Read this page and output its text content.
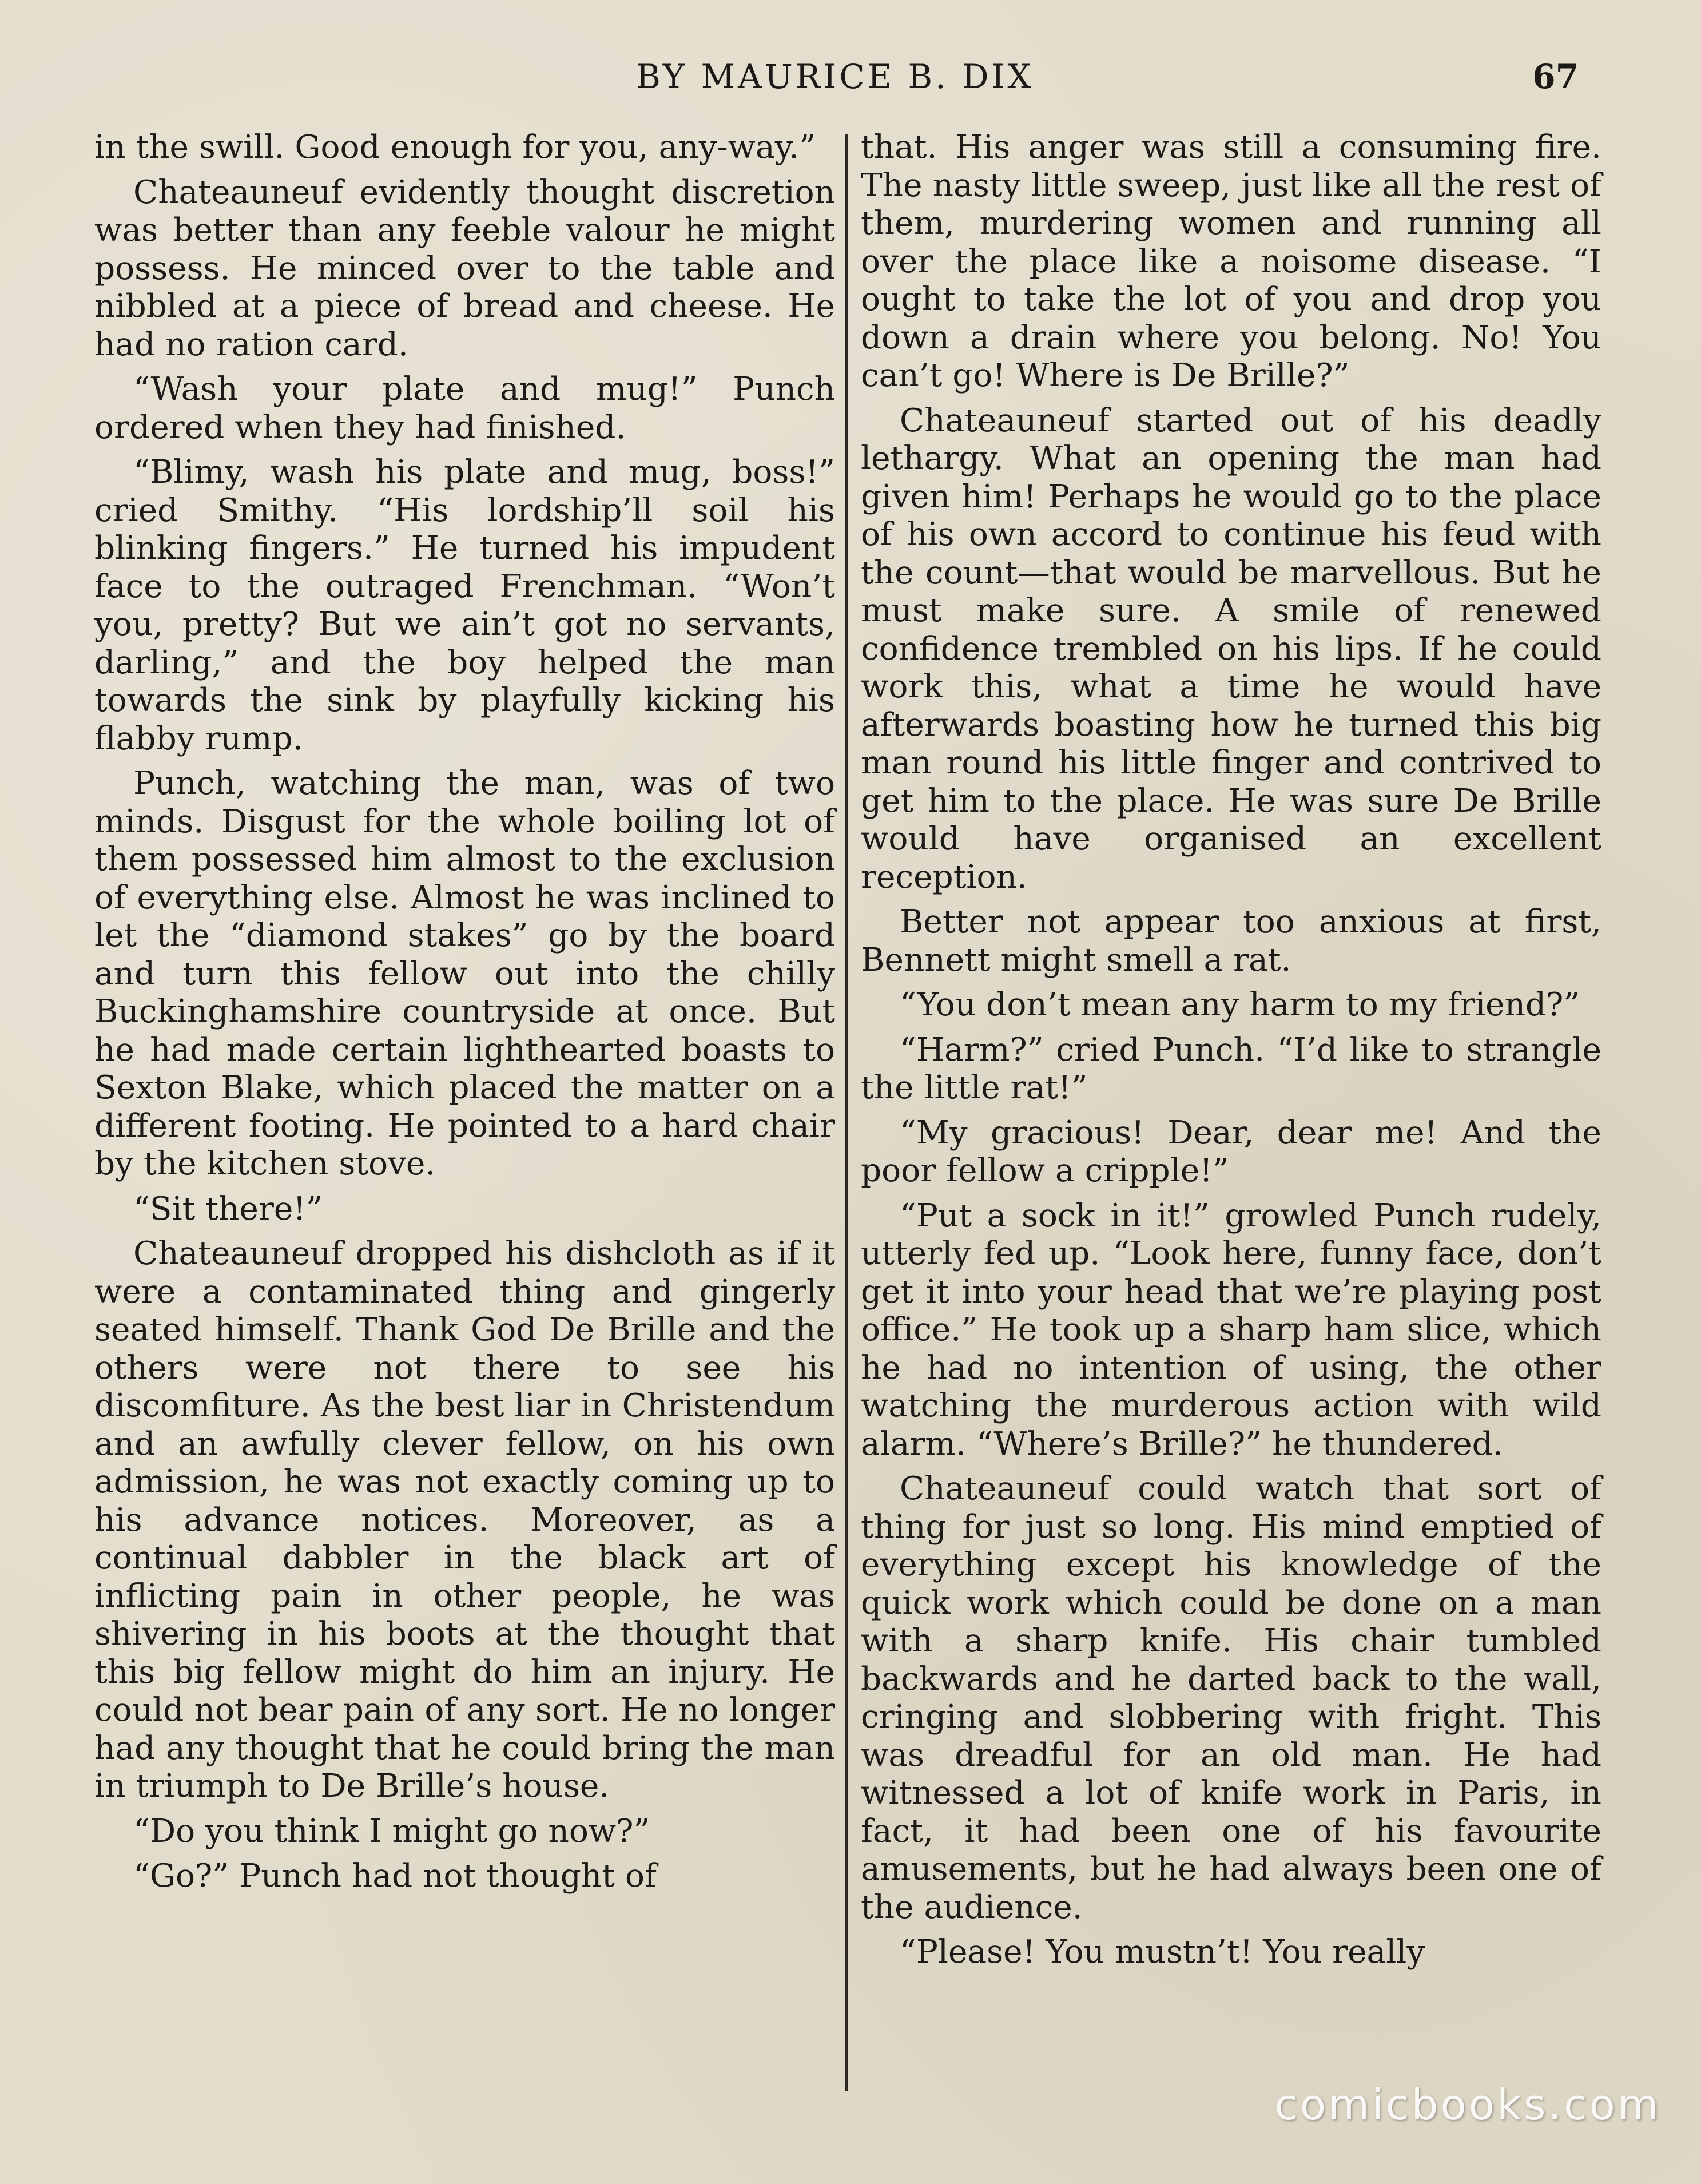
BY MAURICE B. DIX	67

in the swill. Good enough for you, any-way.”

Chateauneuf evidently thought discretion was better than any feeble valour he might possess. He minced over to the table and nibbled at a piece of bread and cheese. He had no ration card.

“Wash your plate and mug!” Punch ordered when they had finished.

“Blimy, wash his plate and mug, boss!” cried Smithy. “His lordship’ll soil his blinking fingers.” He turned his impudent face to the outraged Frenchman. “Won’t you, pretty? But we ain’t got no servants, darling,” and the boy helped the man towards the sink by playfully kicking his flabby rump.

Punch, watching the man, was of two minds. Disgust for the whole boiling lot of them possessed him almost to the exclusion of everything else. Almost he was inclined to let the “diamond stakes” go by the board and turn this fellow out into the chilly Buckinghamshire countryside at once. But he had made certain lighthearted boasts to Sexton Blake, which placed the matter on a different footing. He pointed to a hard chair by the kitchen stove.

“Sit there!”

Chateauneuf dropped his dishcloth as if it were a contaminated thing and gingerly seated himself. Thank God De Brille and the others were not there to see his discomfiture. As the best liar in Christendum and an awfully clever fellow, on his own admission, he was not exactly coming up to his advance notices. Moreover, as a continual dabbler in the black art of inflicting pain in other people, he was shivering in his boots at the thought that this big fellow might do him an injury. He could not bear pain of any sort. He no longer had any thought that he could bring the man in triumph to De Brille’s house.

“Do you think I might go now?”

“Go?” Punch had not thought of

that. His anger was still a consuming fire. The nasty little sweep, just like all the rest of them, murdering women and running all over the place like a noisome disease. “I ought to take the lot of you and drop you down a drain where you belong. No! You can’t go! Where is De Brille?”

Chateauneuf started out of his deadly lethargy. What an opening the man had given him! Perhaps he would go to the place of his own accord to continue his feud with the count—that would be marvellous. But he must make sure. A smile of renewed confidence trembled on his lips. If he could work this, what a time he would have afterwards boasting how he turned this big man round his little finger and contrived to get him to the place. He was sure De Brille would have organised an excellent reception.

Better not appear too anxious at first, Bennett might smell a rat.

“You don’t mean any harm to my friend?”

“Harm?” cried Punch. “I’d like to strangle the little rat!”

“My gracious! Dear, dear me! And the poor fellow a cripple!”

“Put a sock in it!” growled Punch rudely, utterly fed up. “Look here, funny face, don’t get it into your head that we’re playing post office.” He took up a sharp ham slice, which he had no intention of using, the other watching the murderous action with wild alarm. “Where’s Brille?” he thundered.

Chateauneuf could watch that sort of thing for just so long. His mind emptied of everything except his knowledge of the quick work which could be done on a man with a sharp knife. His chair tumbled backwards and he darted back to the wall, cringing and slobbering with fright. This was dreadful for an old man. He had witnessed a lot of knife work in Paris, in fact, it had been one of his favourite amusements, but he had always been one of the audience.

“Please! You mustn’t! You really

comicbooks.com
